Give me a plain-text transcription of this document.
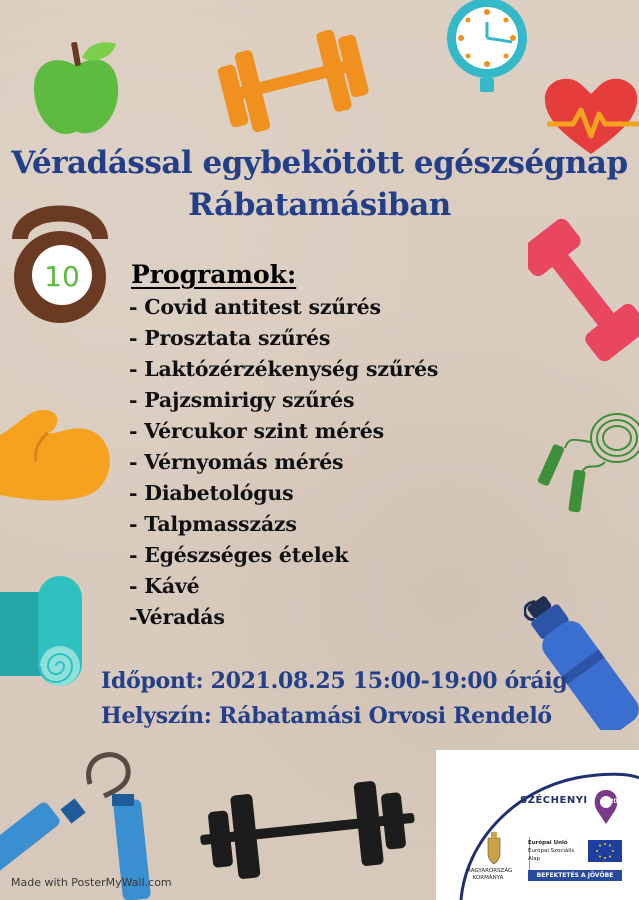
Véradással egybekötött egészségnap
Rábatamásiban
10 Programok:
- Covid antitest szűrés
- Prosztata szűrés
- Laktózérzékenység szűrés
- Pajzsmirigy szűrés
- Vércukor szint mérés
- Vérnyomás mérés
- Diabetológus
- Talpmasszázs
- Egészséges ételek
- Kávé
-Véradás
Időpont: 2021.08.25 15:00-19:00 óráig
Helyszín: Rábatamási Orvosi Rendelő
Made with PosterMyWall.com
SZÉCHENYI 2020
MAGYARORSZÁG
KORMÁNYA
Európai Unió
Európai Szociális
Alap
BEFEKTETÉS A JÖVŐBE
